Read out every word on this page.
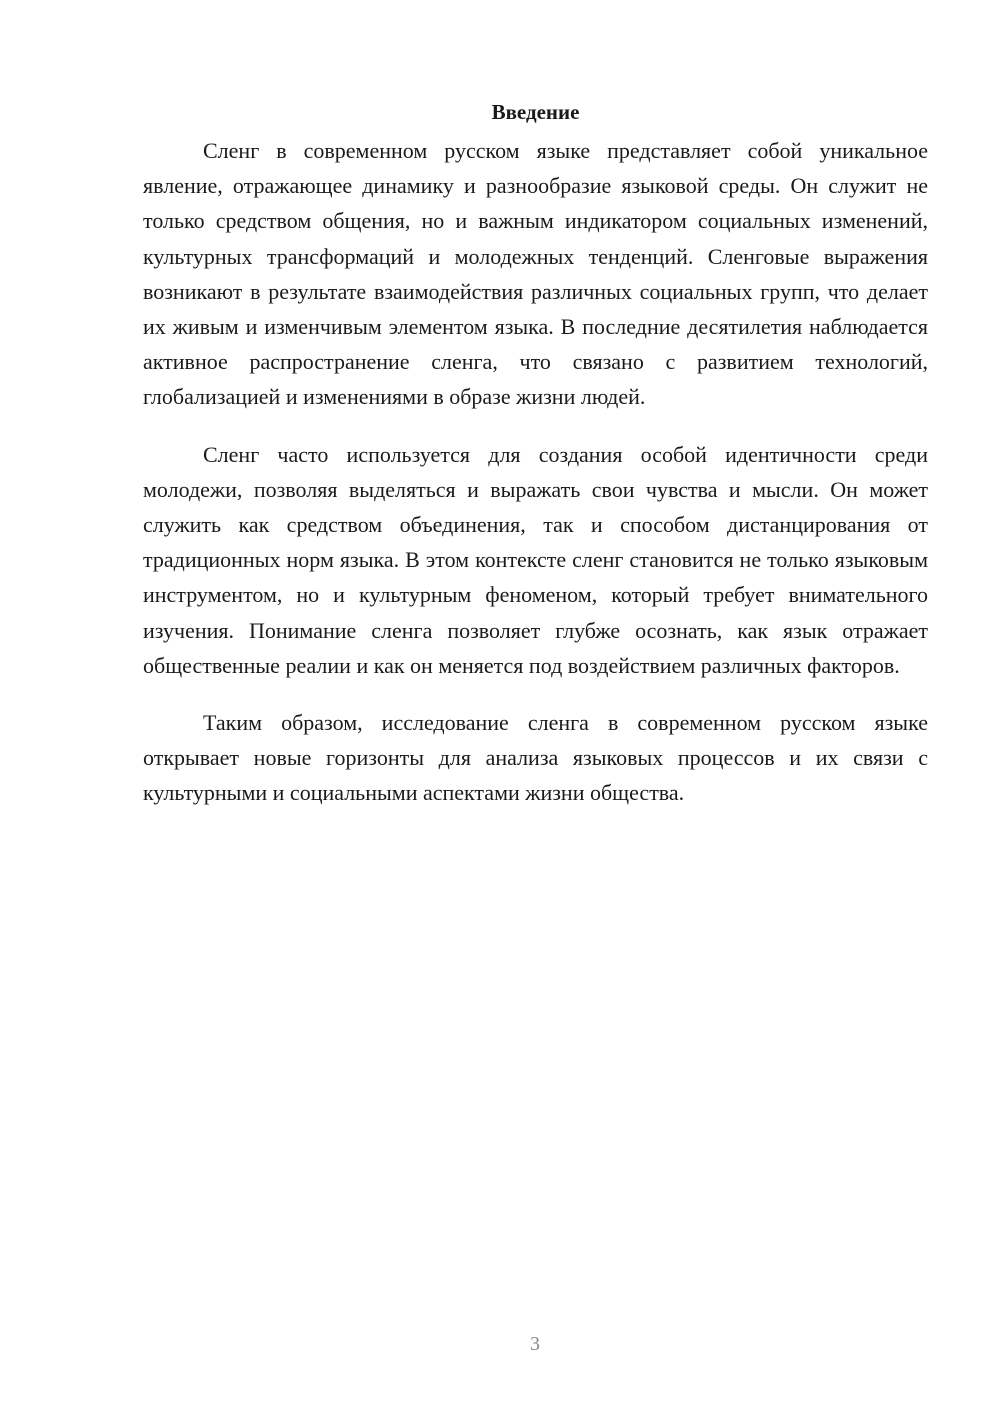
Введение

Сленг в современном русском языке представляет собой уникальное явление, отражающее динамику и разнообразие языковой среды. Он служит не только средством общения, но и важным индикатором социальных изменений, культурных трансформаций и молодежных тенденций. Сленговые выражения возникают в результате взаимодействия различных социальных групп, что делает их живым и изменчивым элементом языка. В последние десятилетия наблюдается активное распространение сленга, что связано с развитием технологий, глобализацией и изменениями в образе жизни людей.

Сленг часто используется для создания особой идентичности среди молодежи, позволяя выделяться и выражать свои чувства и мысли. Он может служить как средством объединения, так и способом дистанцирования от традиционных норм языка. В этом контексте сленг становится не только языковым инструментом, но и культурным феноменом, который требует внимательного изучения. Понимание сленга позволяет глубже осознать, как язык отражает общественные реалии и как он меняется под воздействием различных факторов.

Таким образом, исследование сленга в современном русском языке открывает новые горизонты для анализа языковых процессов и их связи с культурными и социальными аспектами жизни общества.

3
